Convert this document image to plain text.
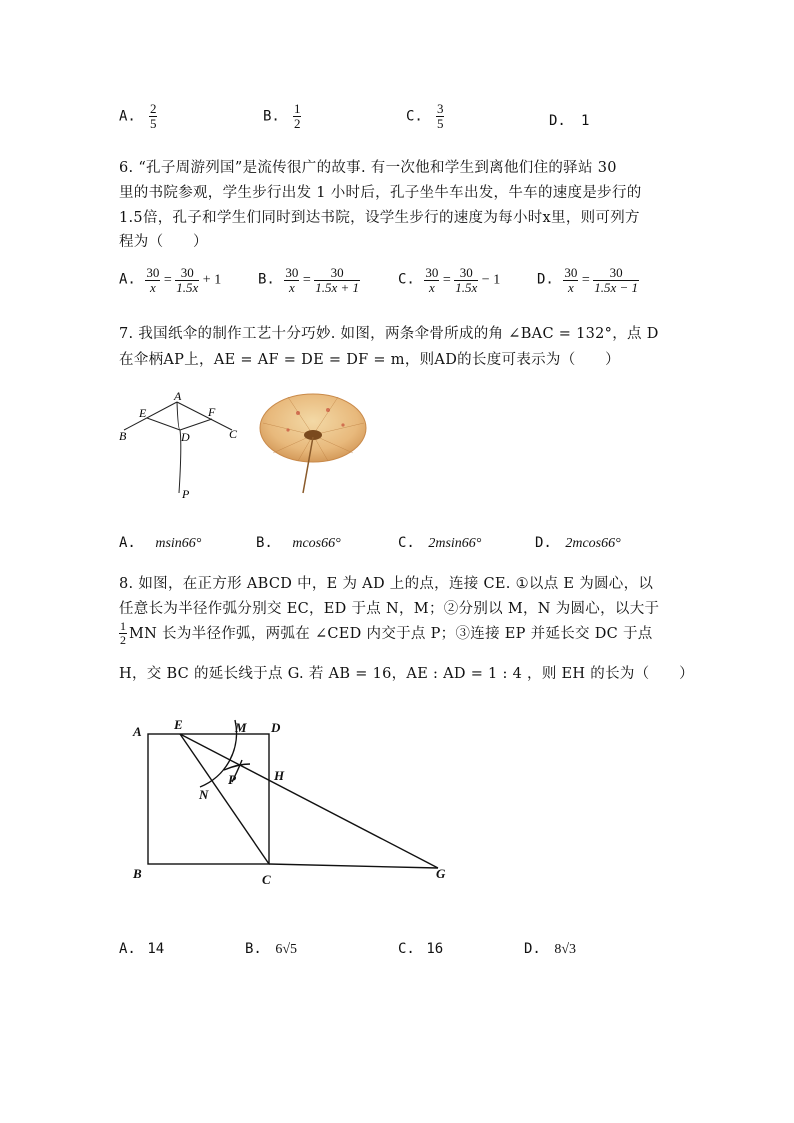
A. $\frac{2}{5}$	B. $\frac{1}{2}$	C. $\frac{3}{5}$	D. 1
6. “孔子周游列国”是流传很广的故事. 有一次他和学生到离他们住的驿站 30
里的书院参观，学生步行出发 1 小时后，孔子坐牛车出发，牛车的速度是步行的
1.5倍，孔子和学生们同时到达书院，设学生步行的速度为每小时x里，则可列方
程为（　　）
A. $\frac{30}{x} = \frac{30}{1.5x} + 1$	B. $\frac{30}{x} = \frac{30}{1.5x + 1}$	C. $\frac{30}{x} = \frac{30}{1.5x} - 1$	D. $\frac{30}{x} = \frac{30}{1.5x - 1}$
7. 我国纸伞的制作工艺十分巧妙. 如图，两条伞骨所成的角 ∠BAC = 132°，点 D
在伞柄AP上，AE = AF = DE = DF = m，则AD的长度可表示为（　　）
A
E	F
B	D	C
P
A. msin66°	B. mcos66°	C. 2msin66°	D. 2mcos66°
8. 如图，在正方形 ABCD 中，E 为 AD 上的点，连接 CE. ①以点 E 为圆心，以
任意长为半径作弧分别交 EC，ED 于点 N，M；②分别以 M，N 为圆心，以大于
$\frac{1}{2}$ MN 长为半径作弧，两弧在 ∠CED 内交于点 P；③连接 EP 并延长交 DC 于点
H，交 BC 的延长线于点 G. 若 AB = 16，AE : AD = 1 : 4 ，则 EH 的长为（　　）
A E	M D
P	H
N
B	C	G
A. 14	B. 6√5	C. 16	D. 8√3
